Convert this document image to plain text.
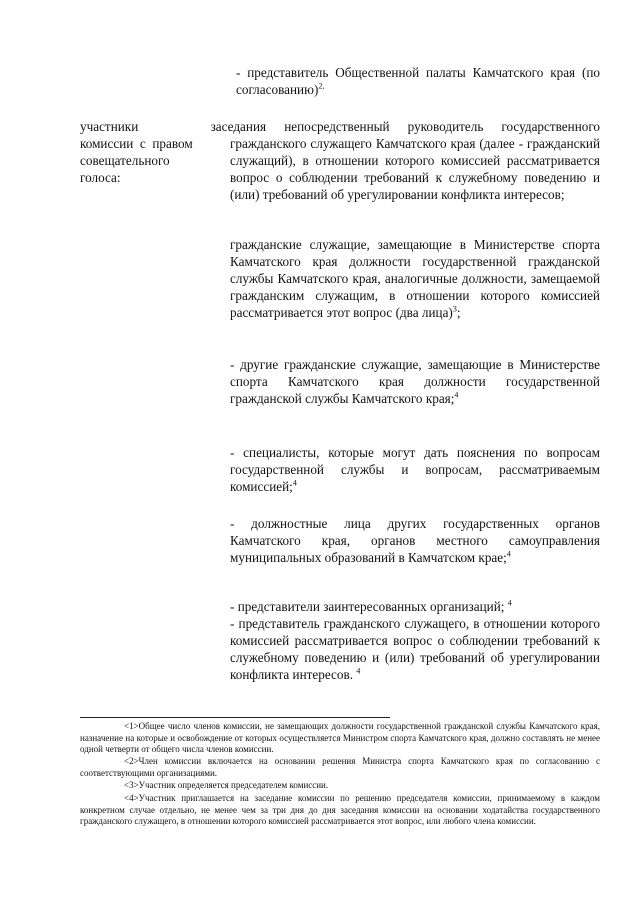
- представитель Общественной палаты Камчатского края (по согласованию)$^{2,}$

участники    заседания непосредственный руководитель государственного

комиссии  с  правом
совещательного
голоса:

гражданского служащего Камчатского края (далее - гражданский служащий), в отношении которого комиссией рассматривается вопрос о соблюдении требований к служебному поведению и (или) требований об урегулировании конфликта интересов;

гражданские служащие, замещающие в Министерстве спорта Камчатского края должности государственной гражданской службы Камчатского края, аналогичные должности, замещаемой гражданским служащим, в отношении которого комиссией рассматривается этот вопрос (два лица)$^3$;

- другие гражданские служащие, замещающие в Министерстве спорта Камчатского края должности государственной гражданской службы Камчатского края;$^4$

- специалисты, которые могут дать пояснения по вопросам государственной службы и вопросам, рассматриваемым комиссией;$^4$

- должностные лица других государственных органов Камчатского края, органов местного самоуправления муниципальных образований в Камчатском крае;$^4$

- представители заинтересованных организаций; $^4$

- представитель гражданского служащего, в отношении которого комиссией рассматривается вопрос о соблюдении требований к служебному поведению и (или) требований об урегулировании конфликта интересов. $^4$

<1>Общее число членов комиссии, не замещающих должности государственной гражданской службы Камчатского края, назначение на которые и освобождение от которых осуществляется Министром спорта Камчатского края, должно составлять не менее одной четверти от общего числа членов комиссии.
<2>Член комиссии включается на основании решения Министра спорта Камчатского края по согласованию с соответствующими организациями.
<3>Участник определяется председателем комиссии.
<4>Участник приглашается на заседание комиссии по решению председателя комиссии, принимаемому в каждом конкретном случае отдельно, не менее чем за три дня до дня заседания комиссии на основании ходатайства государственного гражданского служащего, в отношении которого комиссией рассматривается этот вопрос, или любого члена комиссии.
